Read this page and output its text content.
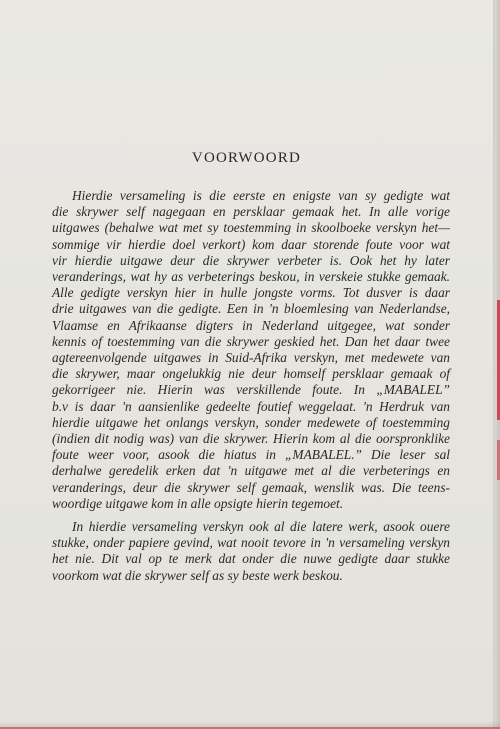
VOORWOORD
Hierdie versameling is die eerste en enigste van sy gedigte wat
die skrywer self nagegaan en persklaar gemaak het. In alle vorige
uitgawes (behalwe wat met sy toestemming in skoolboeke verskyn het—
sommige vir hierdie doel verkort) kom daar storende foute voor wat
vir hierdie uitgawe deur die skrywer verbeter is. Ook het hy later
veranderings, wat hy as verbeterings beskou, in verskeie stukke gemaak.
Alle gedigte verskyn hier in hulle jongste vorms. Tot dusver is daar
drie uitgawes van die gedigte. Een in 'n bloemlesing van Nederlandse,
Vlaamse en Afrikaanse digters in Nederland uitgegee, wat sonder
kennis of toestemming van die skrywer geskied het. Dan het daar twee
agtereenvolgende uitgawes in Suid-Afrika verskyn, met medewete van
die skrywer, maar ongelukkig nie deur homself persklaar gemaak of
gekorrigeer nie. Hierin was verskillende foute. In „MABALEL”
b.v is daar 'n aansienlike gedeelte foutief weggelaat. 'n Herdruk van
hierdie uitgawe het onlangs verskyn, sonder medewete of toestemming
(indien dit nodig was) van die skrywer. Hierin kom al die oorspronklike
foute weer voor, asook die hiatus in „MABALEL.” Die leser sal
derhalwe geredelik erken dat 'n uitgawe met al die verbeterings en
veranderings, deur die skrywer self gemaak, wenslik was. Die teens-
woordige uitgawe kom in alle opsigte hierin tegemoet.
In hierdie versameling verskyn ook al die latere werk, asook ouere
stukke, onder papiere gevind, wat nooit tevore in 'n versameling verskyn
het nie. Dit val op te merk dat onder die nuwe gedigte daar stukke
voorkom wat die skrywer self as sy beste werk beskou.
